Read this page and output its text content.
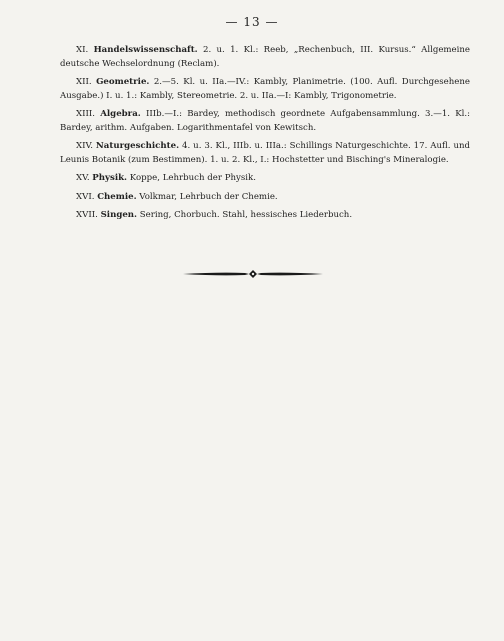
— 13 —

XI. Handelswissenschaft. 2. u. 1. Kl.: Reeb, „Rechenbuch, III. Kursus.“ Allgemeine deutsche Wechselordnung (Reclam).

XII. Geometrie. 2.—5. Kl. u. IIa.—IV.: Kambly, Planimetrie. (100. Aufl. Durchgesehene Ausgabe.) I. u. 1.: Kambly, Stereometrie. 2. u. IIa.—I: Kambly, Trigonometrie.

XIII. Algebra. IIIb.—I.: Bardey, methodisch geordnete Aufgabensammlung. 3.—1. Kl.: Bardey, arithm. Aufgaben. Logarithmentafel von Kewitsch.

XIV. Naturgeschichte. 4. u. 3. Kl., IIIb. u. IIIa.: Schillings Naturgeschichte. 17. Aufl. und Leunis Botanik (zum Bestimmen). 1. u. 2. Kl., I.: Hochstetter und Bisching's Mineralogie.

XV. Physik. Koppe, Lehrbuch der Physik.

XVI. Chemie. Volkmar, Lehrbuch der Chemie.

XVII. Singen. Sering, Chorbuch. Stahl, hessisches Liederbuch.
